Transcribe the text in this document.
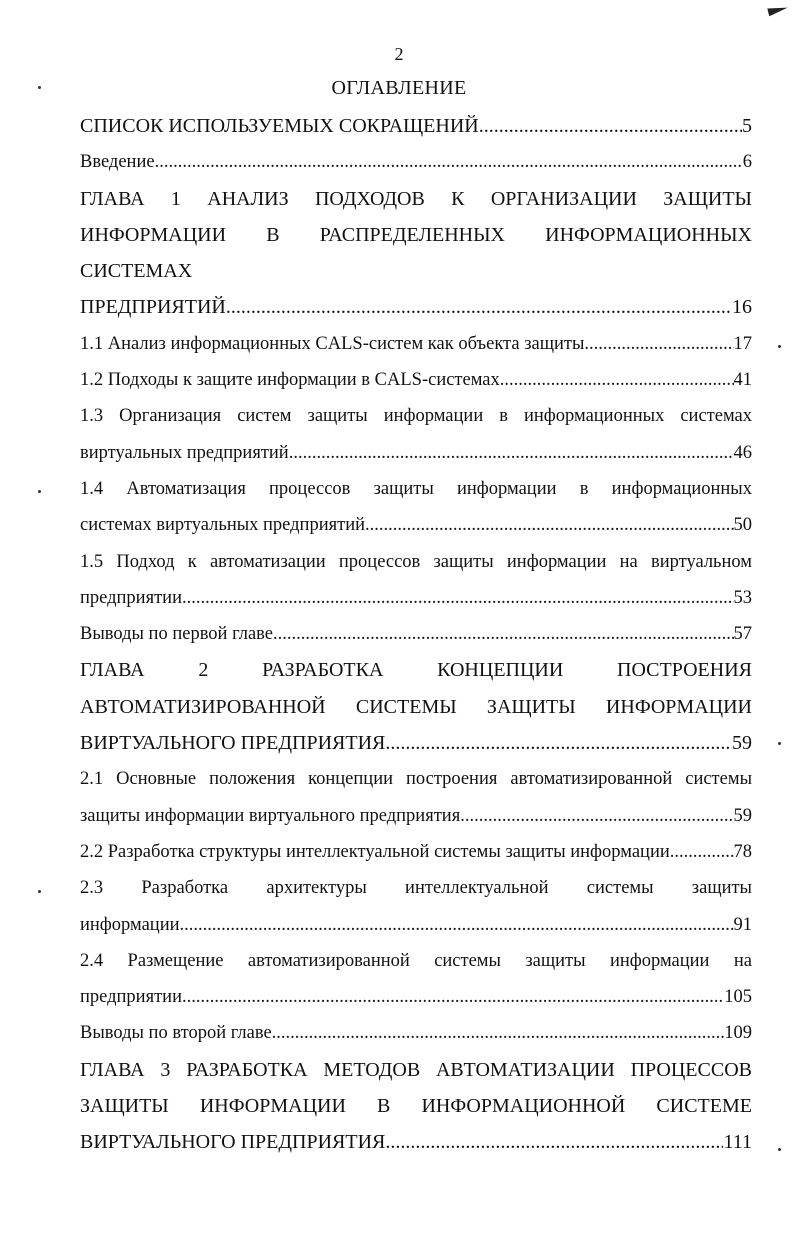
2
ОГЛАВЛЕНИЕ
СПИСОК ИСПОЛЬЗУЕМЫХ СОКРАЩЕНИЙ .....	5
Введение .....	6
ГЛАВА 1 АНАЛИЗ ПОДХОДОВ К ОРГАНИЗАЦИИ ЗАЩИТЫ
ИНФОРМАЦИИ В РАСПРЕДЕЛЕННЫХ ИНФОРМАЦИОННЫХ СИСТЕМАХ
ПРЕДПРИЯТИЙ .....	16
1.1 Анализ информационных CALS-систем как объекта защиты .....	17
1.2 Подходы к защите информации в CALS-системах .....	41
1.3 Организация систем защиты информации в информационных системах
виртуальных предприятий .....	46
1.4 Автоматизация процессов защиты информации в информационных
системах виртуальных предприятий .....	50
1.5 Подход к автоматизации процессов защиты информации на виртуальном
предприятии .....	53
Выводы по первой главе .....	57
ГЛАВА 2 РАЗРАБОТКА КОНЦЕПЦИИ ПОСТРОЕНИЯ
АВТОМАТИЗИРОВАННОЙ СИСТЕМЫ ЗАЩИТЫ ИНФОРМАЦИИ
ВИРТУАЛЬНОГО ПРЕДПРИЯТИЯ .....	59
2.1 Основные положения концепции построения автоматизированной системы
защиты информации виртуального предприятия .....	59
2.2 Разработка структуры интеллектуальной системы защиты информации .....	78
2.3 Разработка архитектуры интеллектуальной системы защиты
информации .....	91
2.4 Размещение автоматизированной системы защиты информации на
предприятии .....	105
Выводы по второй главе .....	109
ГЛАВА 3 РАЗРАБОТКА МЕТОДОВ АВТОМАТИЗАЦИИ ПРОЦЕССОВ
ЗАЩИТЫ ИНФОРМАЦИИ В ИНФОРМАЦИОННОЙ СИСТЕМЕ
ВИРТУАЛЬНОГО ПРЕДПРИЯТИЯ .....	111
